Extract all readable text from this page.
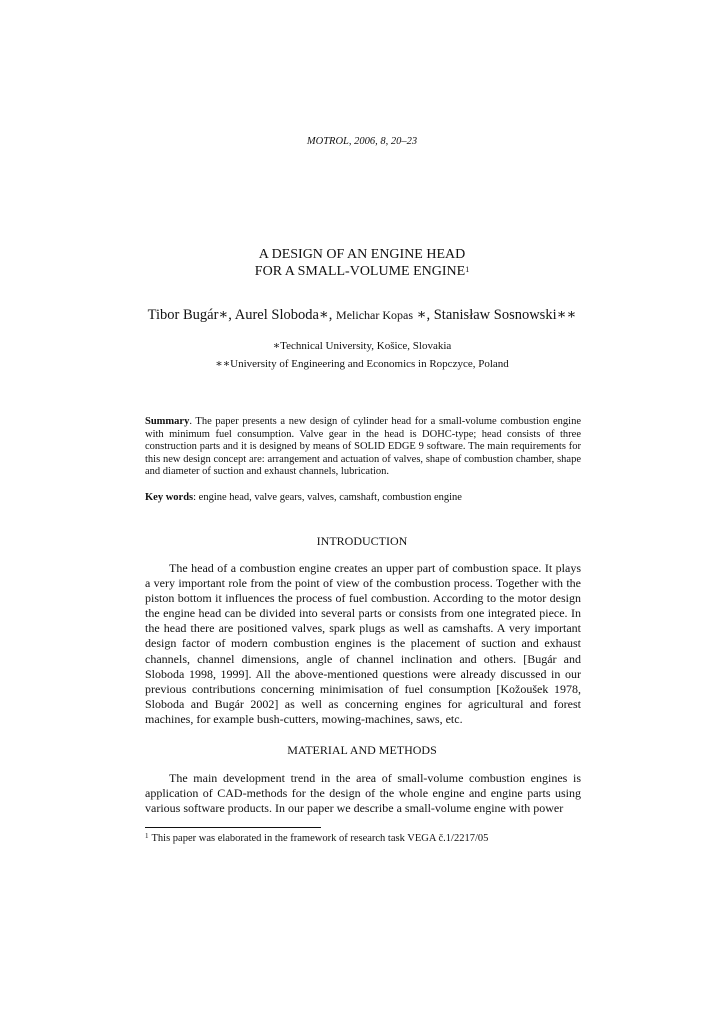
MOTROL, 2006, 8, 20–23
A DESIGN OF AN ENGINE HEAD
FOR A SMALL-VOLUME ENGINE$^1$
Tibor Bugár∗, Aurel Sloboda∗, Melichar Kopas ∗, Stanisław Sosnowski∗∗
∗Technical University, Košice, Slovakia
∗∗University of Engineering and Economics in Ropczyce, Poland
Summary. The paper presents a new design of cylinder head for a small-volume combustion engine with minimum fuel consumption. Valve gear in the head is DOHC-type; head consists of three construction parts and it is designed by means of SOLID EDGE 9 software. The main requirements for this new design concept are: arrangement and actuation of valves, shape of combustion chamber, shape and diameter of suction and exhaust channels, lubrication.
Key words: engine head, valve gears, valves, camshaft, combustion engine
INTRODUCTION
The head of a combustion engine creates an upper part of combustion space. It plays a very important role from the point of view of the combustion process. Together with the piston bottom it influences the process of fuel combustion. According to the motor design the engine head can be divided into several parts or consists from one integrated piece. In the head there are positioned valves, spark plugs as well as camshafts. A very important design factor of modern combustion engines is the placement of suction and exhaust channels, channel dimensions, angle of channel inclination and others. [Bugár and Sloboda 1998, 1999]. All the above-mentioned questions were already discussed in our previous contributions concerning minimisation of fuel consumption [Kožoušek 1978, Sloboda and Bugár 2002] as well as concerning engines for agricultural and forest machines, for example bush-cutters, mowing-machines, saws, etc.
MATERIAL AND METHODS
The main development trend in the area of small-volume combustion engines is application of CAD-methods for the design of the whole engine and engine parts using various software products. In our paper we describe a small-volume engine with power
$^1$ This paper was elaborated in the framework of research task VEGA č.1/2217/05
